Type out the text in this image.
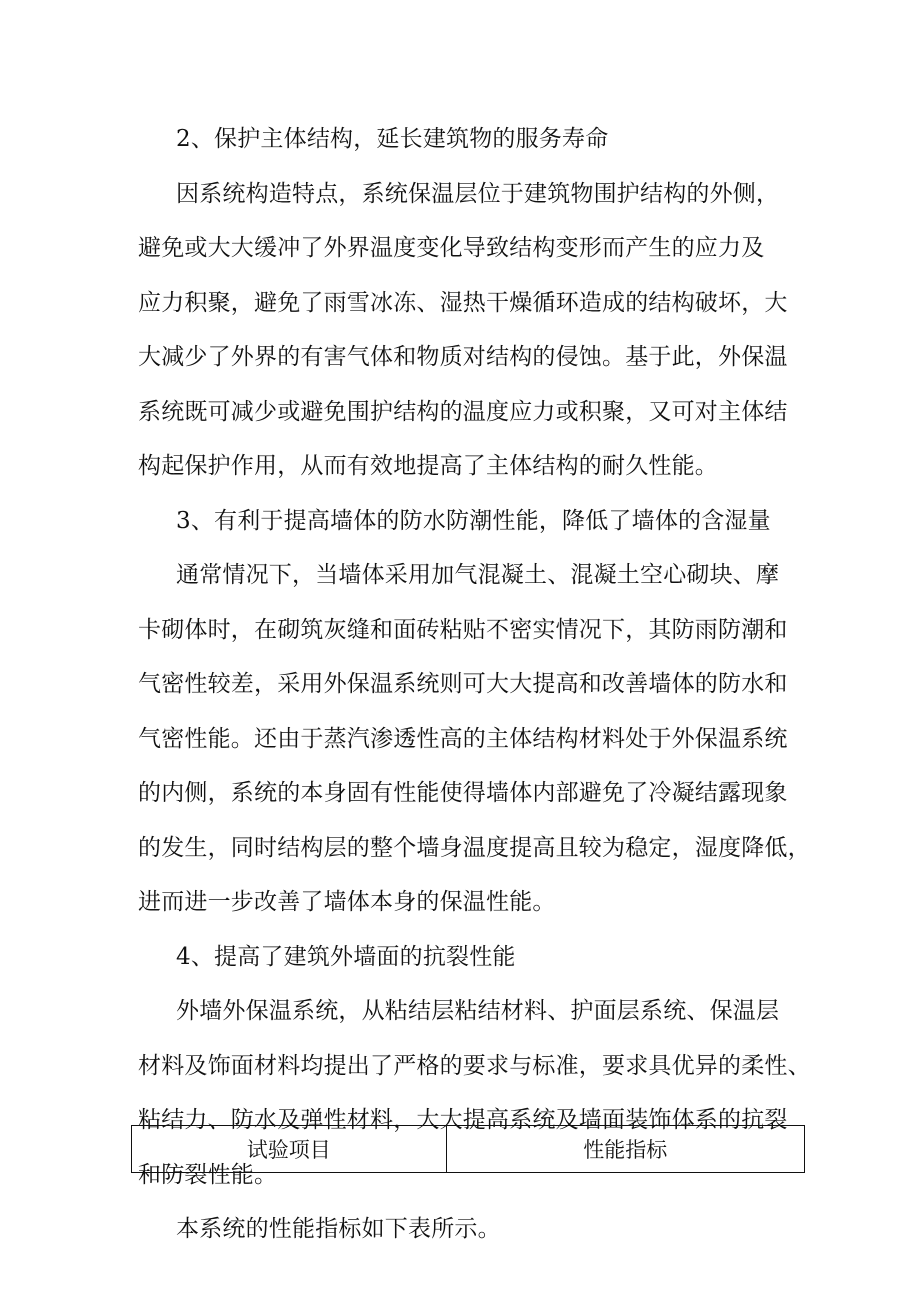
2、保护主体结构，延长建筑物的服务寿命
因系统构造特点，系统保温层位于建筑物围护结构的外侧，
避免或大大缓冲了外界温度变化导致结构变形而产生的应力及
应力积聚，避免了雨雪冰冻、湿热干燥循环造成的结构破坏，大
大减少了外界的有害气体和物质对结构的侵蚀。基于此，外保温
系统既可减少或避免围护结构的温度应力或积聚，又可对主体结
构起保护作用，从而有效地提高了主体结构的耐久性能。
3、有利于提高墙体的防水防潮性能，降低了墙体的含湿量
通常情况下，当墙体采用加气混凝土、混凝土空心砌块、摩
卡砌体时，在砌筑灰缝和面砖粘贴不密实情况下，其防雨防潮和
气密性较差，采用外保温系统则可大大提高和改善墙体的防水和
气密性能。还由于蒸汽渗透性高的主体结构材料处于外保温系统
的内侧，系统的本身固有性能使得墙体内部避免了冷凝结露现象
的发生，同时结构层的整个墙身温度提高且较为稳定，湿度降低，
进而进一步改善了墙体本身的保温性能。
4、提高了建筑外墙面的抗裂性能
外墙外保温系统，从粘结层粘结材料、护面层系统、保温层
材料及饰面材料均提出了严格的要求与标准，要求具优异的柔性、
粘结力、防水及弹性材料，大大提高系统及墙面装饰体系的抗裂
和防裂性能。
本系统的性能指标如下表所示。
试验项目	性能指标
